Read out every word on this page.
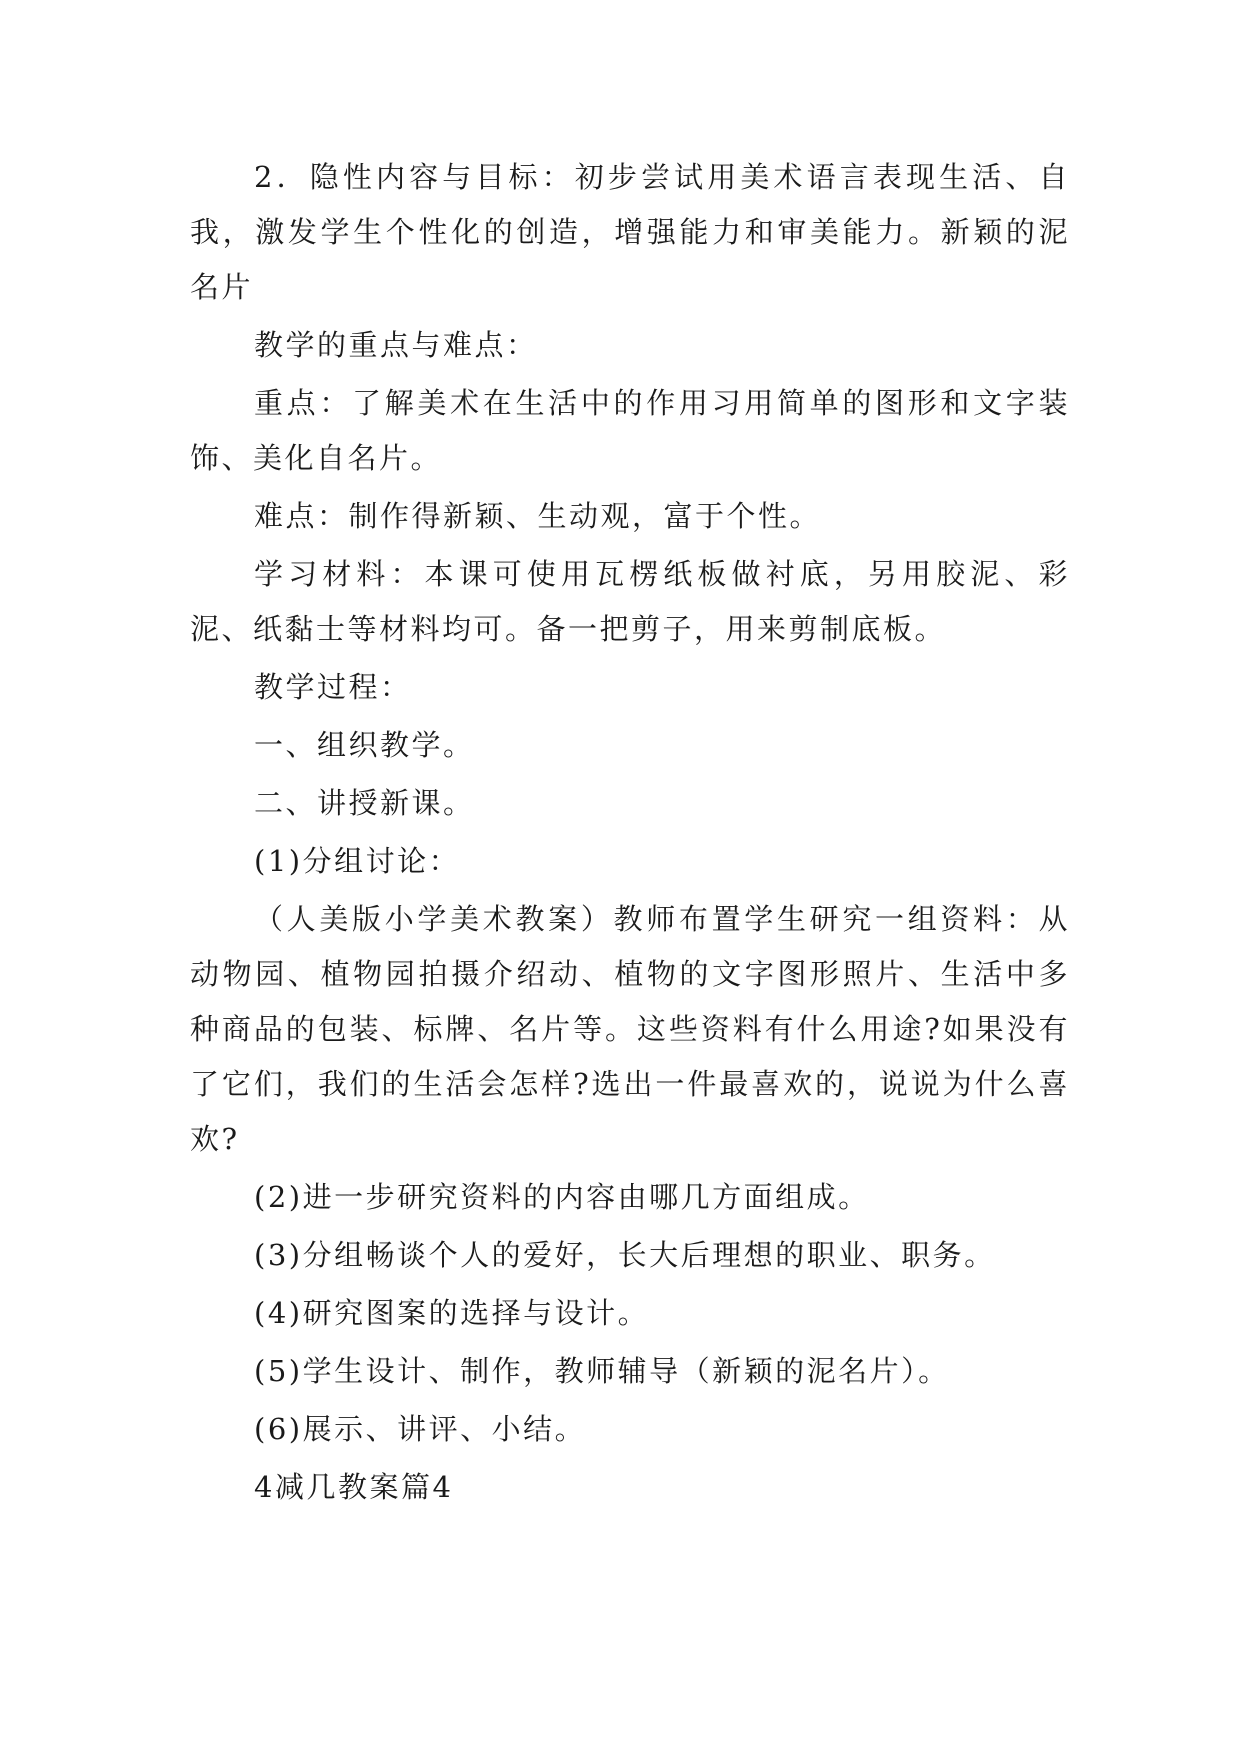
2．隐性内容与目标：初步尝试用美术语言表现生活、自我，激发学生个性化的创造，增强能力和审美能力。新颖的泥名片

教学的重点与难点：

重点：了解美术在生活中的作用习用简单的图形和文字装饰、美化自名片。

难点：制作得新颖、生动观，富于个性。

学习材料：本课可使用瓦楞纸板做衬底，另用胶泥、彩泥、纸黏士等材料均可。备一把剪子，用来剪制底板。

教学过程：

一、组织教学。

二、讲授新课。

(1)分组讨论：

（人美版小学美术教案）教师布置学生研究一组资料：从动物园、植物园拍摄介绍动、植物的文字图形照片、生活中多种商品的包装、标牌、名片等。这些资料有什么用途?如果没有了它们，我们的生活会怎样?选出一件最喜欢的，说说为什么喜欢?

(2)进一步研究资料的内容由哪几方面组成。

(3)分组畅谈个人的爱好，长大后理想的职业、职务。

(4)研究图案的选择与设计。

(5)学生设计、制作，教师辅导（新颖的泥名片）。

(6)展示、讲评、小结。

4减几教案篇4
